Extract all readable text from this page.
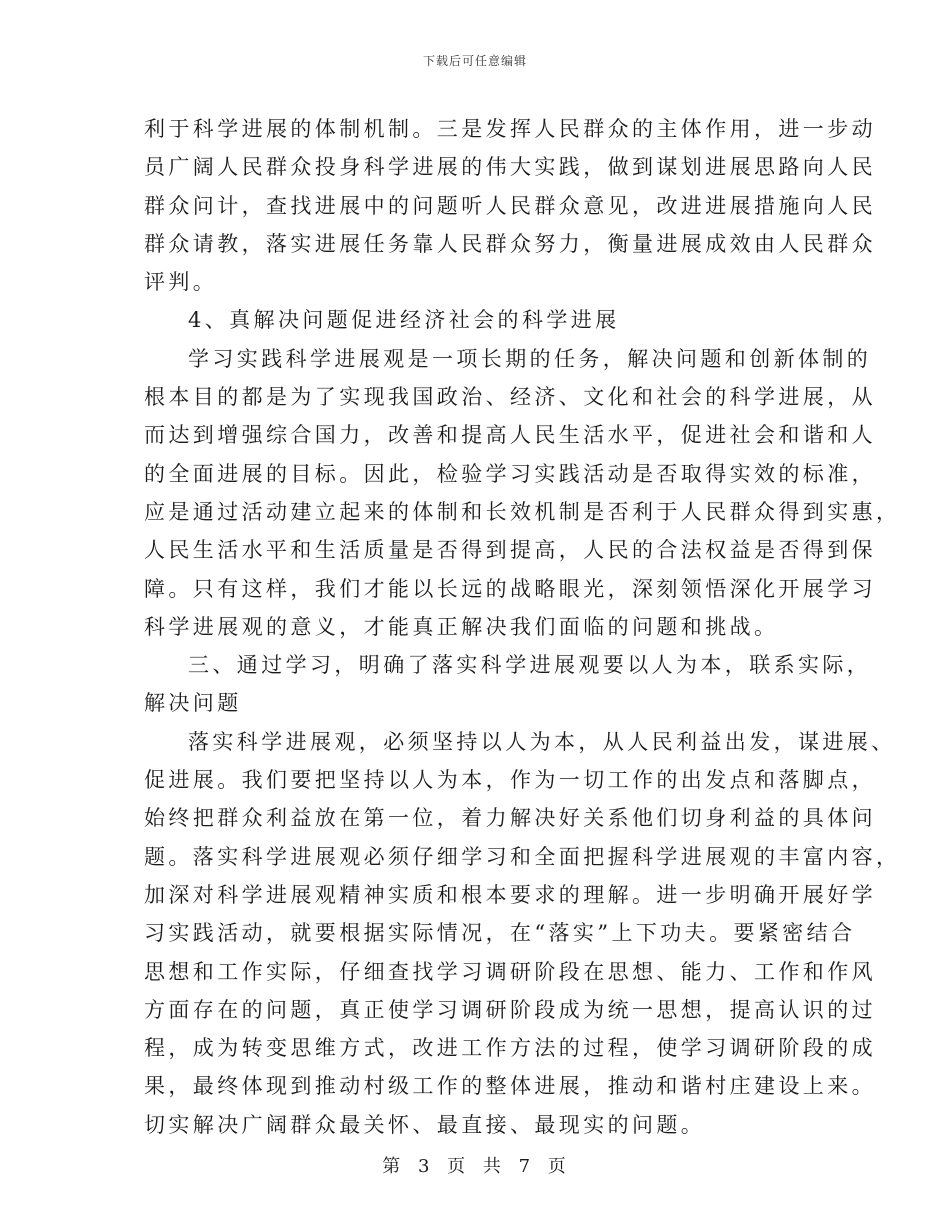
下载后可任意编辑
利于科学进展的体制机制。三是发挥人民群众的主体作用，进一步动
员广阔人民群众投身科学进展的伟大实践，做到谋划进展思路向人民
群众问计，查找进展中的问题听人民群众意见，改进进展措施向人民
群众请教，落实进展任务靠人民群众努力，衡量进展成效由人民群众
评判。
4、真解决问题促进经济社会的科学进展
学习实践科学进展观是一项长期的任务，解决问题和创新体制的
根本目的都是为了实现我国政治、经济、文化和社会的科学进展，从
而达到增强综合国力，改善和提高人民生活水平，促进社会和谐和人
的全面进展的目标。因此，检验学习实践活动是否取得实效的标准，
应是通过活动建立起来的体制和长效机制是否利于人民群众得到实惠，
人民生活水平和生活质量是否得到提高，人民的合法权益是否得到保
障。只有这样，我们才能以长远的战略眼光，深刻领悟深化开展学习
科学进展观的意义，才能真正解决我们面临的问题和挑战。
三、通过学习，明确了落实科学进展观要以人为本，联系实际，
解决问题
落实科学进展观，必须坚持以人为本，从人民利益出发，谋进展、
促进展。我们要把坚持以人为本，作为一切工作的出发点和落脚点，
始终把群众利益放在第一位，着力解决好关系他们切身利益的具体问
题。落实科学进展观必须仔细学习和全面把握科学进展观的丰富内容，
加深对科学进展观精神实质和根本要求的理解。进一步明确开展好学
习实践活动，就要根据实际情况，在“落实”上下功夫。要紧密结合
思想和工作实际，仔细查找学习调研阶段在思想、能力、工作和作风
方面存在的问题，真正使学习调研阶段成为统一思想，提高认识的过
程，成为转变思维方式，改进工作方法的过程，使学习调研阶段的成
果，最终体现到推动村级工作的整体进展，推动和谐村庄建设上来。
切实解决广阔群众最关怀、最直接、最现实的问题。
第 3 页 共 7 页
